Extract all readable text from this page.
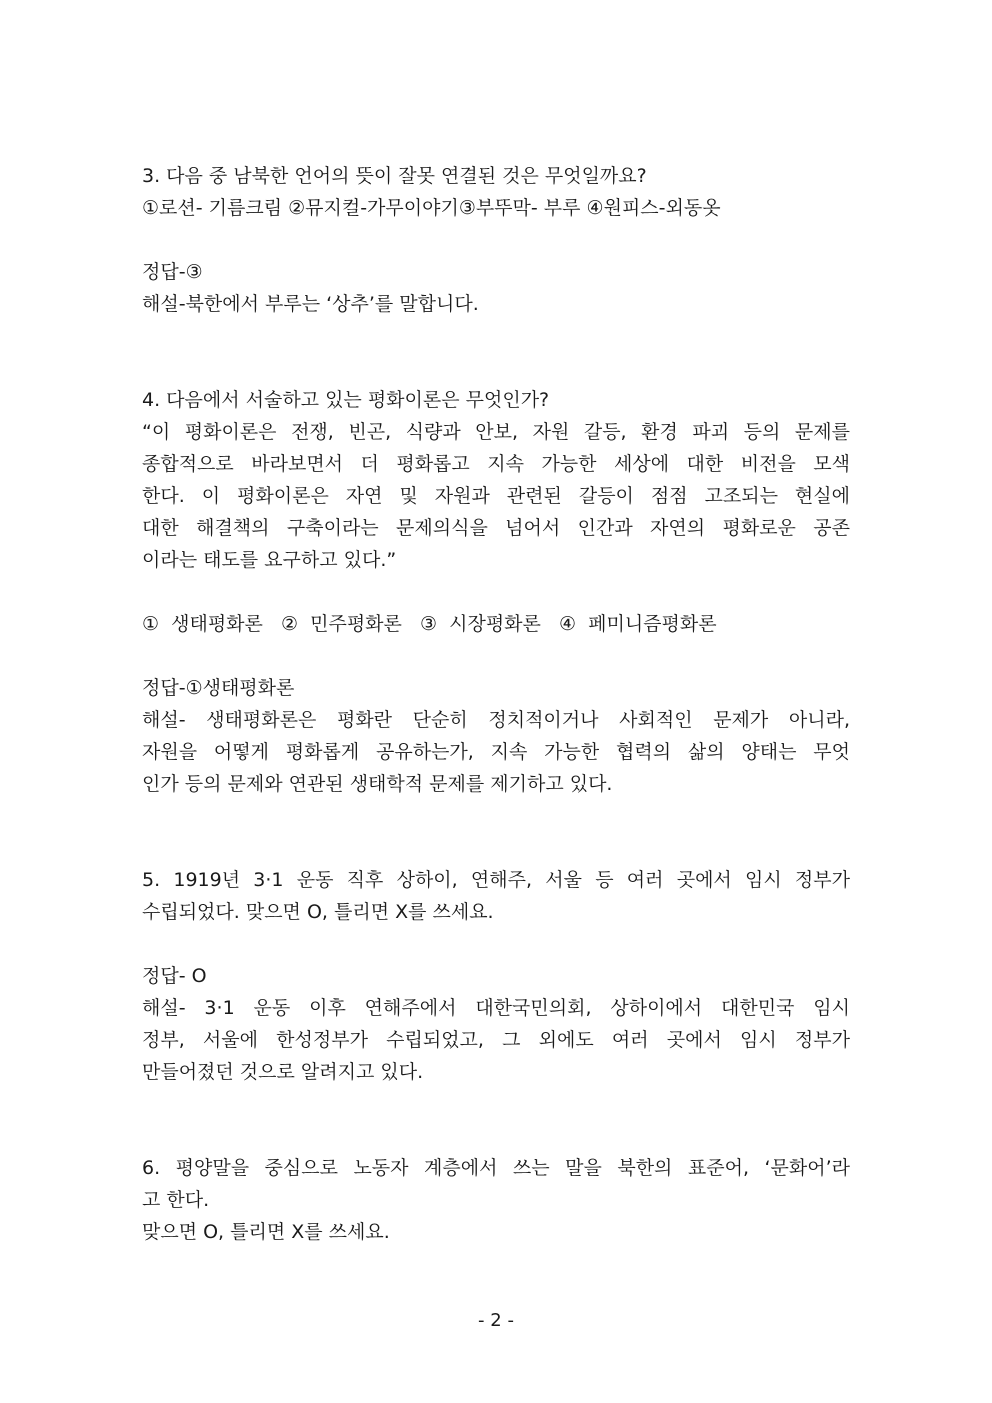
3. 다음 중 남북한 언어의 뜻이 잘못 연결된 것은 무엇일까요?
①로션- 기름크림 ②뮤지컬-가무이야기③부뚜막- 부루 ④원피스-외동옷
정답-③
해설-북한에서 부루는 ‘상추’를 말합니다.
4. 다음에서 서술하고 있는 평화이론은 무엇인가?
“이 평화이론은 전쟁, 빈곤, 식량과 안보, 자원 갈등, 환경 파괴 등의 문제를
종합적으로 바라보면서 더 평화롭고 지속 가능한 세상에 대한 비전을 모색
한다. 이 평화이론은 자연 및 자원과 관련된 갈등이 점점 고조되는 현실에
대한 해결책의 구축이라는 문제의식을 넘어서 인간과 자연의 평화로운 공존
이라는 태도를 요구하고 있다.”
①  생태평화론   ②  민주평화론   ③  시장평화론   ④  페미니즘평화론
정답-①생태평화론
해설- 생태평화론은 평화란 단순히 정치적이거나 사회적인 문제가 아니라,
자원을 어떻게 평화롭게 공유하는가, 지속 가능한 협력의 삶의 양태는 무엇
인가 등의 문제와 연관된 생태학적 문제를 제기하고 있다.
5. 1919년 3·1 운동 직후 상하이, 연해주, 서울 등 여러 곳에서 임시 정부가
수립되었다. 맞으면 O, 틀리면 X를 쓰세요.
정답- O
해설- 3·1 운동 이후 연해주에서 대한국민의회, 상하이에서 대한민국 임시
정부, 서울에 한성정부가 수립되었고, 그 외에도 여러 곳에서 임시 정부가
만들어졌던 것으로 알려지고 있다.
6. 평양말을 중심으로 노동자 계층에서 쓰는 말을 북한의 표준어, ‘문화어’라
고 한다.
맞으면 O, 틀리면 X를 쓰세요.
- 2 -
